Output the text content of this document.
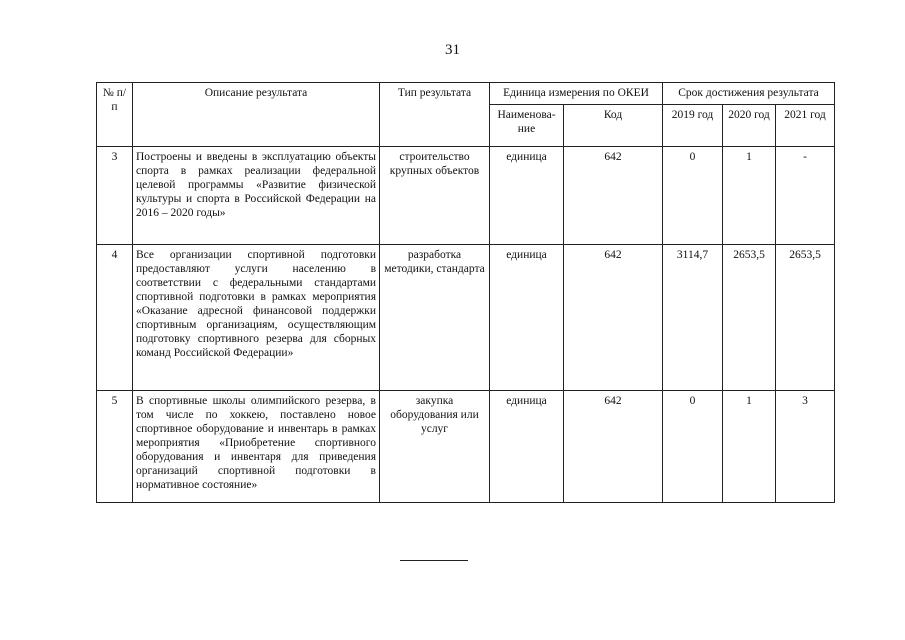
31
№ п/п	Описание результата	Тип результата	Единица измерения по ОКЕИ		Срок достижения результата		
			Наименова-ние	Код	2019 год	2020 год	2021 год
3	Построены и введены в эксплуатацию объекты спорта в рамках реализации федеральной целевой программы «Развитие физической культуры и спорта в Российской Федерации на 2016 – 2020 годы»	строительство крупных объектов	единица	642	0	1	-
4	Все организации спортивной подготовки предоставляют услуги населению в соответствии с федеральными стандартами спортивной подготовки в рамках мероприятия «Оказание адресной финансовой поддержки спортивным организациям, осуществляющим подготовку спортивного резерва для сборных команд Российской Федерации»	разработка методики, стандарта	единица	642	3114,7	2653,5	2653,5
5	В спортивные школы олимпийского резерва, в том числе по хоккею, поставлено новое спортивное оборудование и инвентарь в рамках мероприятия «Приобретение спортивного оборудования и инвентаря для приведения организаций спортивной подготовки в нормативное состояние»	закупка оборудования или услуг	единица	642	0	1	3
